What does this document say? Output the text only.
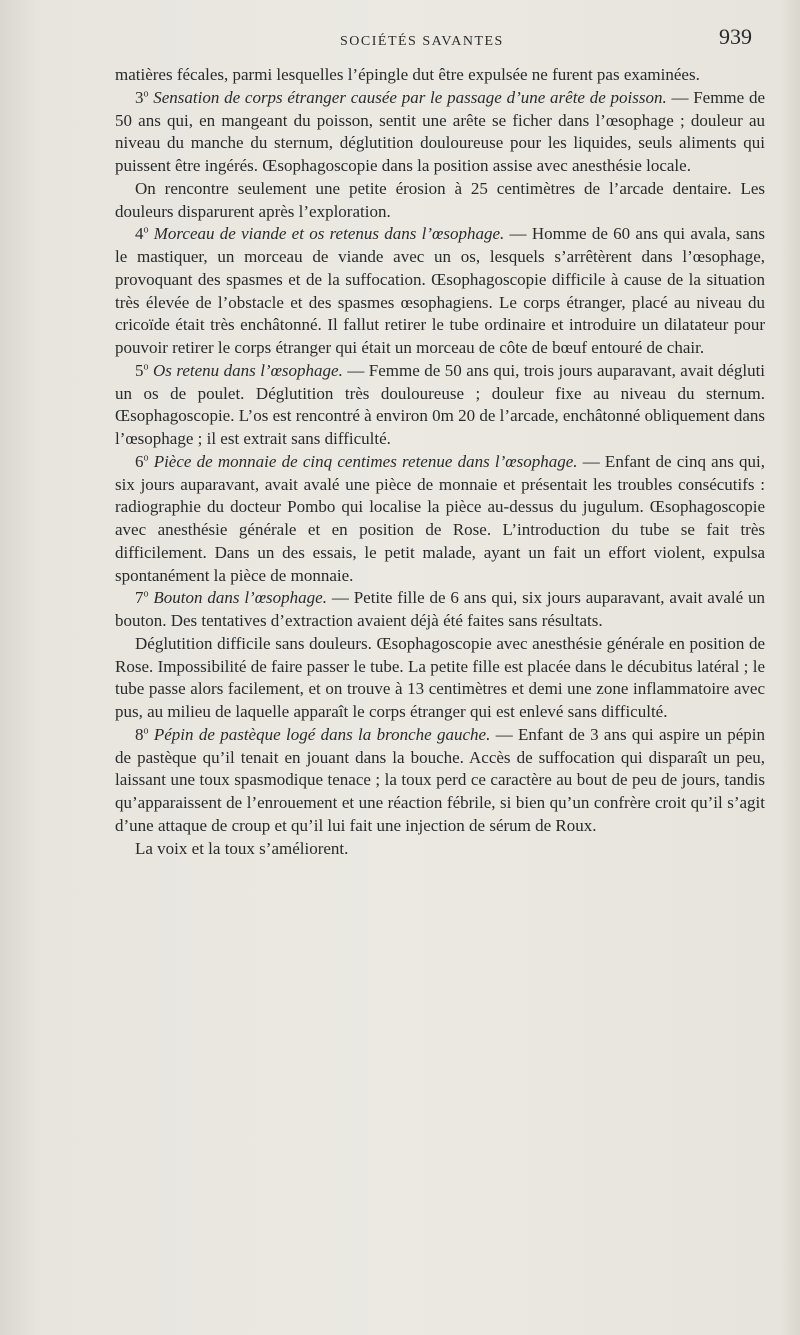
SOCIÉTÉS SAVANTES	939

matières fécales, parmi lesquelles l’épingle dut être expulsée ne furent pas examinées.

3$^o$ Sensation de corps étranger causée par le passage d’une arête de poisson. — Femme de 50 ans qui, en mangeant du poisson, sentit une arête se ficher dans l’œsophage ; douleur au niveau du manche du sternum, déglutition douloureuse pour les liquides, seuls aliments qui puissent être ingérés. Œsophagoscopie dans la position assise avec anesthésie locale.

On rencontre seulement une petite érosion à 25 centimètres de l’arcade dentaire. Les douleurs disparurent après l’exploration.

4$^o$ Morceau de viande et os retenus dans l’œsophage. — Homme de 60 ans qui avala, sans le mastiquer, un morceau de viande avec un os, lesquels s’arrêtèrent dans l’œsophage, provoquant des spasmes et de la suffocation. Œsophagoscopie difficile à cause de la situation très élevée de l’obstacle et des spasmes œsophagiens. Le corps étranger, placé au niveau du cricoïde était très enchâtonné. Il fallut retirer le tube ordinaire et introduire un dilatateur pour pouvoir retirer le corps étranger qui était un morceau de côte de bœuf entouré de chair.

5$^o$ Os retenu dans l’œsophage. — Femme de 50 ans qui, trois jours auparavant, avait dégluti un os de poulet. Déglutition très douloureuse ; douleur fixe au niveau du sternum. Œsophagoscopie. L’os est rencontré à environ 0m 20 de l’arcade, enchâtonné obliquement dans l’œsophage ; il est extrait sans difficulté.

6$^o$ Pièce de monnaie de cinq centimes retenue dans l’œsophage. — Enfant de cinq ans qui, six jours auparavant, avait avalé une pièce de monnaie et présentait les troubles consécutifs : radiographie du docteur Pombo qui localise la pièce au-dessus du jugulum. Œsophagoscopie avec anesthésie générale et en position de Rose. L’introduction du tube se fait très difficilement. Dans un des essais, le petit malade, ayant un fait un effort violent, expulsa spontanément la pièce de monnaie.

7$^o$ Bouton dans l’œsophage. — Petite fille de 6 ans qui, six jours auparavant, avait avalé un bouton. Des tentatives d’extraction avaient déjà été faites sans résultats.

Déglutition difficile sans douleurs. Œsophagoscopie avec anesthésie générale en position de Rose. Impossibilité de faire passer le tube. La petite fille est placée dans le décubitus latéral ; le tube passe alors facilement, et on trouve à 13 centimètres et demi une zone inflammatoire avec pus, au milieu de laquelle apparaît le corps étranger qui est enlevé sans difficulté.

8$^o$ Pépin de pastèque logé dans la bronche gauche. — Enfant de 3 ans qui aspire un pépin de pastèque qu’il tenait en jouant dans la bouche. Accès de suffocation qui disparaît un peu, laissant une toux spasmodique tenace ; la toux perd ce caractère au bout de peu de jours, tandis qu’apparaissent de l’enrouement et une réaction fébrile, si bien qu’un confrère croit qu’il s’agit d’une attaque de croup et qu’il lui fait une injection de sérum de Roux.

La voix et la toux s’améliorent.
